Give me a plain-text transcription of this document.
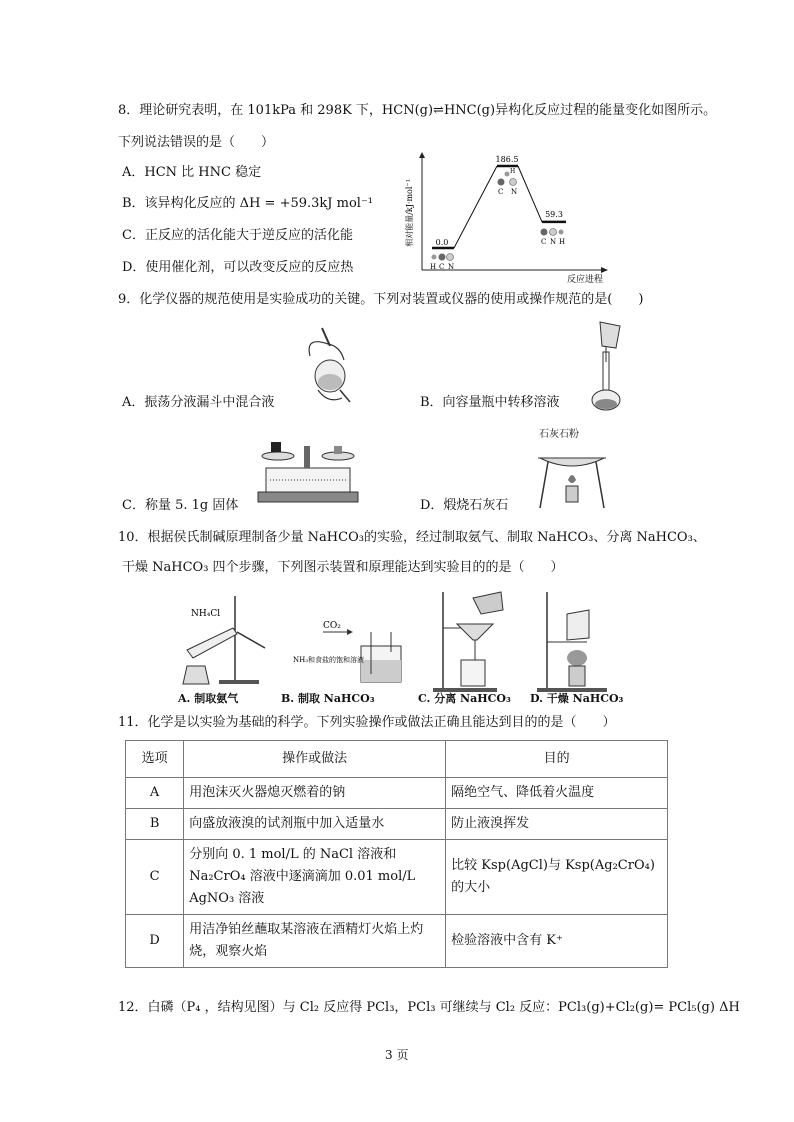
8．理论研究表明，在 101kPa 和 298K 下，HCN(g)⇌HNC(g)异构化反应过程的能量变化如图所示。
下列说法错误的是（　　）
A．HCN 比 HNC 稳定
B．该异构化反应的 ΔH = +59.3kJ mol⁻¹
C．正反应的活化能大于逆反应的活化能
D．使用催化剂，可以改变反应的反应热
相对能量/kJ·mol⁻¹
反应进程
0.0
186.5
59.3
H C N
H
C N
C N H
9．化学仪器的规范使用是实验成功的关键。下列对装置或仪器的使用或操作规范的是(　　)
A．振荡分液漏斗中混合液	B．向容量瓶中转移溶液
C．称量 5. 1g 固体
石灰石粉
D．煅烧石灰石
10．根据侯氏制碱原理制备少量 NaHCO₃的实验，经过制取氨气、制取 NaHCO₃、分离 NaHCO₃、
干燥 NaHCO₃ 四个步骤，下列图示装置和原理能达到实验目的的是（　　）
NH₄Cl
CO₂
NH₃和食盐的饱和溶液
A. 制取氨气	B. 制取 NaHCO₃	C. 分离 NaHCO₃ D. 干燥 NaHCO₃
11．化学是以实验为基础的科学。下列实验操作或做法正确且能达到目的的是（　　）
选项	操作或做法	目的
A	用泡沫灭火器熄灭燃着的钠	隔绝空气、降低着火温度
B	向盛放液溴的试剂瓶中加入适量水	防止液溴挥发
C	分别向 0. 1 mol/L 的 NaCl 溶液和 Na₂CrO₄ 溶液中逐滴滴加 0.01 mol/L AgNO₃ 溶液	比较 Ksp(AgCl)与 Ksp(Ag₂CrO₄)的大小
D	用洁净铂丝蘸取某溶液在酒精灯火焰上灼烧，观察火焰	检验溶液中含有 K⁺
12．白磷（P₄ ，结构见图）与 Cl₂ 反应得 PCl₃，PCl₃ 可继续与 Cl₂ 反应：PCl₃(g)+Cl₂(g)= PCl₅(g) ΔH
3 页
